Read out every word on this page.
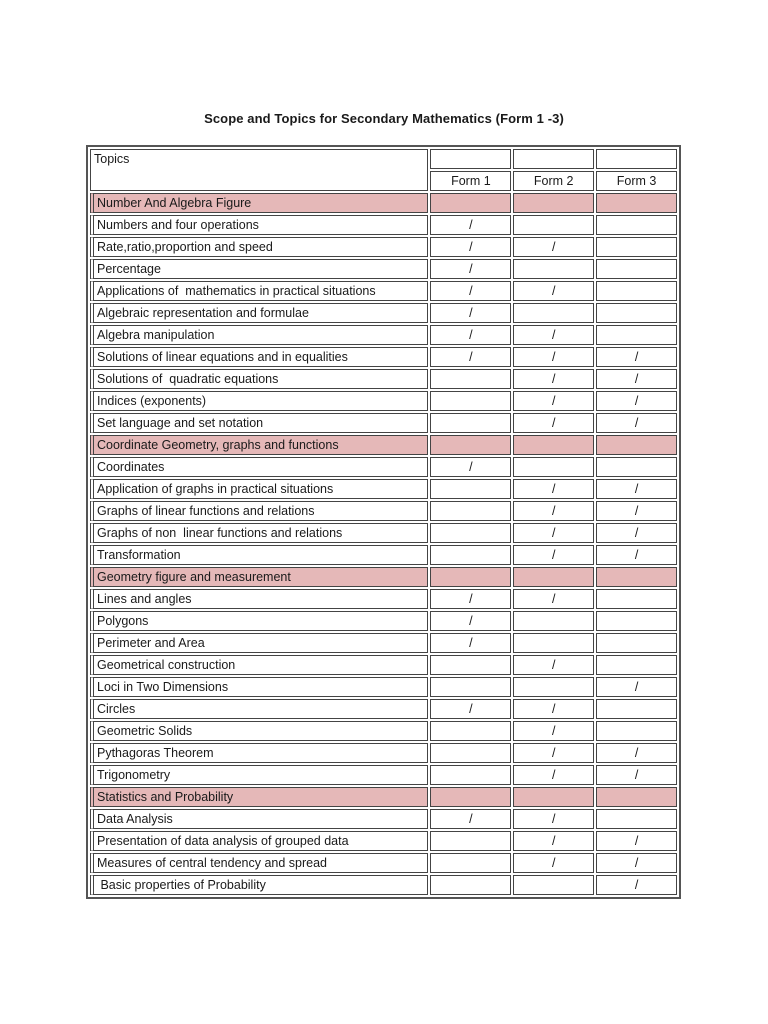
Scope and Topics for Secondary Mathematics (Form 1 -3)
Topics			
	Form 1	Form 2	Form 3
Number And Algebra Figure			
Numbers and four operations	/		
Rate,ratio,proportion and speed	/	/	
Percentage	/		
Applications of  mathematics in practical situations	/	/	
Algebraic representation and formulae	/		
Algebra manipulation	/	/	
Solutions of linear equations and in equalities	/	/	/
Solutions of  quadratic equations		/	/
Indices (exponents)		/	/
Set language and set notation		/	/
Coordinate Geometry, graphs and functions			
Coordinates	/		
Application of graphs in practical situations		/	/
Graphs of linear functions and relations		/	/
Graphs of non  linear functions and relations		/	/
Transformation		/	/
Geometry figure and measurement			
Lines and angles	/	/	
Polygons	/		
Perimeter and Area	/		
Geometrical construction		/	
Loci in Two Dimensions			/
Circles	/	/	
Geometric Solids		/	
Pythagoras Theorem		/	/
Trigonometry		/	/
Statistics and Probability			
Data Analysis	/	/	
Presentation of data analysis of grouped data		/	/
Measures of central tendency and spread		/	/
Basic properties of Probability			/
